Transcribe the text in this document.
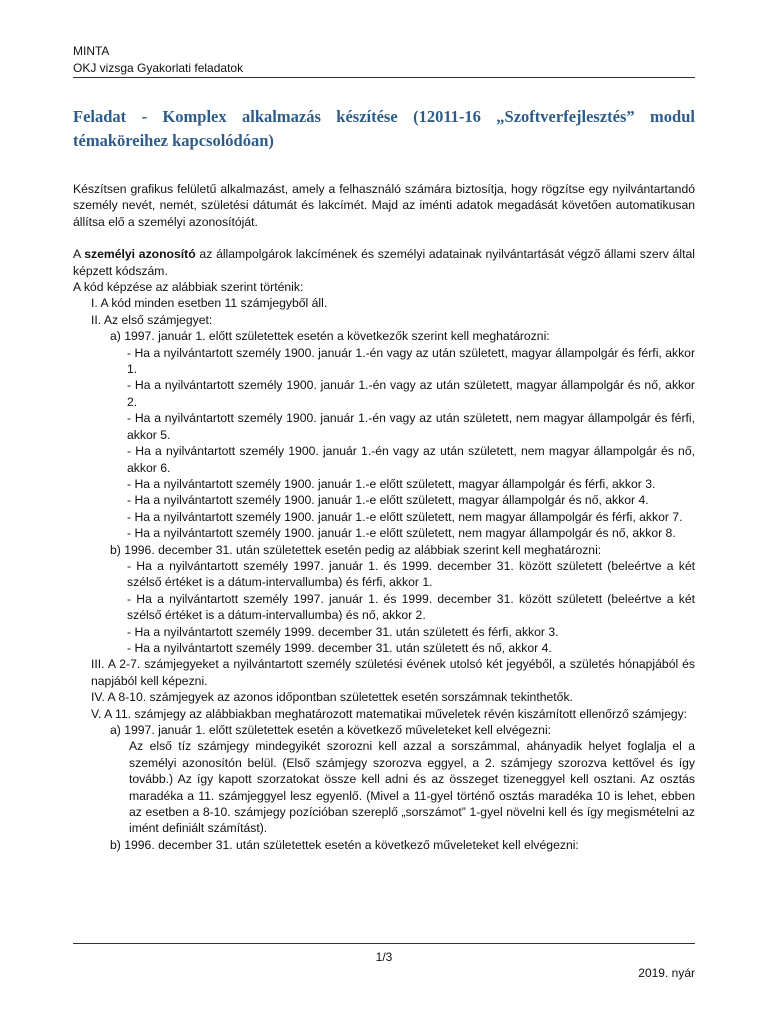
MINTA
OKJ vizsga Gyakorlati feladatok
Feladat - Komplex alkalmazás készítése (12011-16 „Szoftverfejlesztés” modul témaköreihez kapcsolódóan)

Készítsen grafikus felületű alkalmazást, amely a felhasználó számára biztosítja, hogy rögzítse egy nyilvántartandó személy nevét, nemét, születési dátumát és lakcímét. Majd az iménti adatok megadását követően automatikusan állítsa elő a személyi azonosítóját.

A személyi azonosító az állampolgárok lakcímének és személyi adatainak nyilvántartását végző állami szerv által képzett kódszám.

A kód képzése az alábbiak szerint történik:

I. A kód minden esetben 11 számjegyből áll.

II. Az első számjegyet:

a) 1997. január 1. előtt születettek esetén a következők szerint kell meghatározni:

- Ha a nyilvántartott személy 1900. január 1.-én vagy az után született, magyar állampolgár és férfi, akkor 1.

- Ha a nyilvántartott személy 1900. január 1.-én vagy az után született, magyar állampolgár és nő, akkor 2.

- Ha a nyilvántartott személy 1900. január 1.-én vagy az után született, nem magyar állampolgár és férfi, akkor 5.

- Ha a nyilvántartott személy 1900. január 1.-én vagy az után született, nem magyar állampolgár és nő, akkor 6.

- Ha a nyilvántartott személy 1900. január 1.-e előtt született, magyar állampolgár és férfi, akkor 3.

- Ha a nyilvántartott személy 1900. január 1.-e előtt született, magyar állampolgár és nő, akkor 4.

- Ha a nyilvántartott személy 1900. január 1.-e előtt született, nem magyar állampolgár és férfi, akkor 7.

- Ha a nyilvántartott személy 1900. január 1.-e előtt született, nem magyar állampolgár és nő, akkor 8.

b) 1996. december 31. után születettek esetén pedig az alábbiak szerint kell meghatározni:

- Ha a nyilvántartott személy 1997. január 1. és 1999. december 31. között született (beleértve a két szélső értéket is a dátum-intervallumba) és férfi, akkor 1.

- Ha a nyilvántartott személy 1997. január 1. és 1999. december 31. között született (beleértve a két szélső értéket is a dátum-intervallumba) és nő, akkor 2.

- Ha a nyilvántartott személy 1999. december 31. után született és férfi, akkor 3.

- Ha a nyilvántartott személy 1999. december 31. után született és nő, akkor 4.

III. A 2-7. számjegyeket a nyilvántartott személy születési évének utolsó két jegyéből, a születés hónapjából és napjából kell képezni.

IV. A 8-10. számjegyek az azonos időpontban születettek esetén sorszámnak tekinthetők.

V. A 11. számjegy az alábbiakban meghatározott matematikai műveletek révén kiszámított ellenőrző számjegy:

a) 1997. január 1. előtt születettek esetén a következő műveleteket kell elvégezni:

Az első tíz számjegy mindegyikét szorozni kell azzal a sorszámmal, ahányadik helyet foglalja el a személyi azonosítón belül. (Első számjegy szorozva eggyel, a 2. számjegy szorozva kettővel és így tovább.) Az így kapott szorzatokat össze kell adni és az összeget tizeneggyel kell osztani. Az osztás maradéka a 11. számjeggyel lesz egyenlő. (Mivel a 11-gyel történő osztás maradéka 10 is lehet, ebben az esetben a 8-10. számjegy pozícióban szereplő „sorszámot” 1-gyel növelni kell és így megismételni az imént definiált számítást).

b) 1996. december 31. után születettek esetén a következő műveleteket kell elvégezni:

1/3
2019. nyár
